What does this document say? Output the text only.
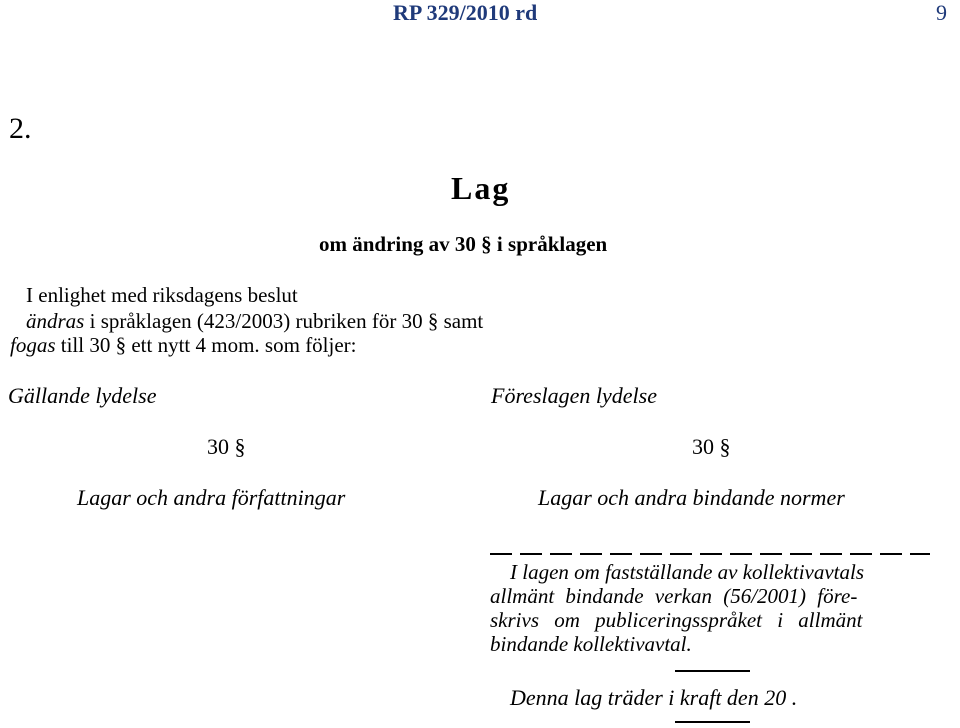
RP 329/2010 rd	9
2.
Lag
om ändring av 30 § i språklagen
I enlighet med riksdagens beslut
ändras i språklagen (423/2003) rubriken för 30 § samt
fogas till 30 § ett nytt 4 mom. som följer:
Gällande lydelse	Föreslagen lydelse
30 §	30 §
Lagar och andra författningar	Lagar och andra bindande normer
I lagen om fastställande av kollektivavtals
allmänt bindande verkan (56/2001) före-
skrivs om publiceringsspråket i allmänt
bindande kollektivavtal.
Denna lag träder i kraft den 20 .
